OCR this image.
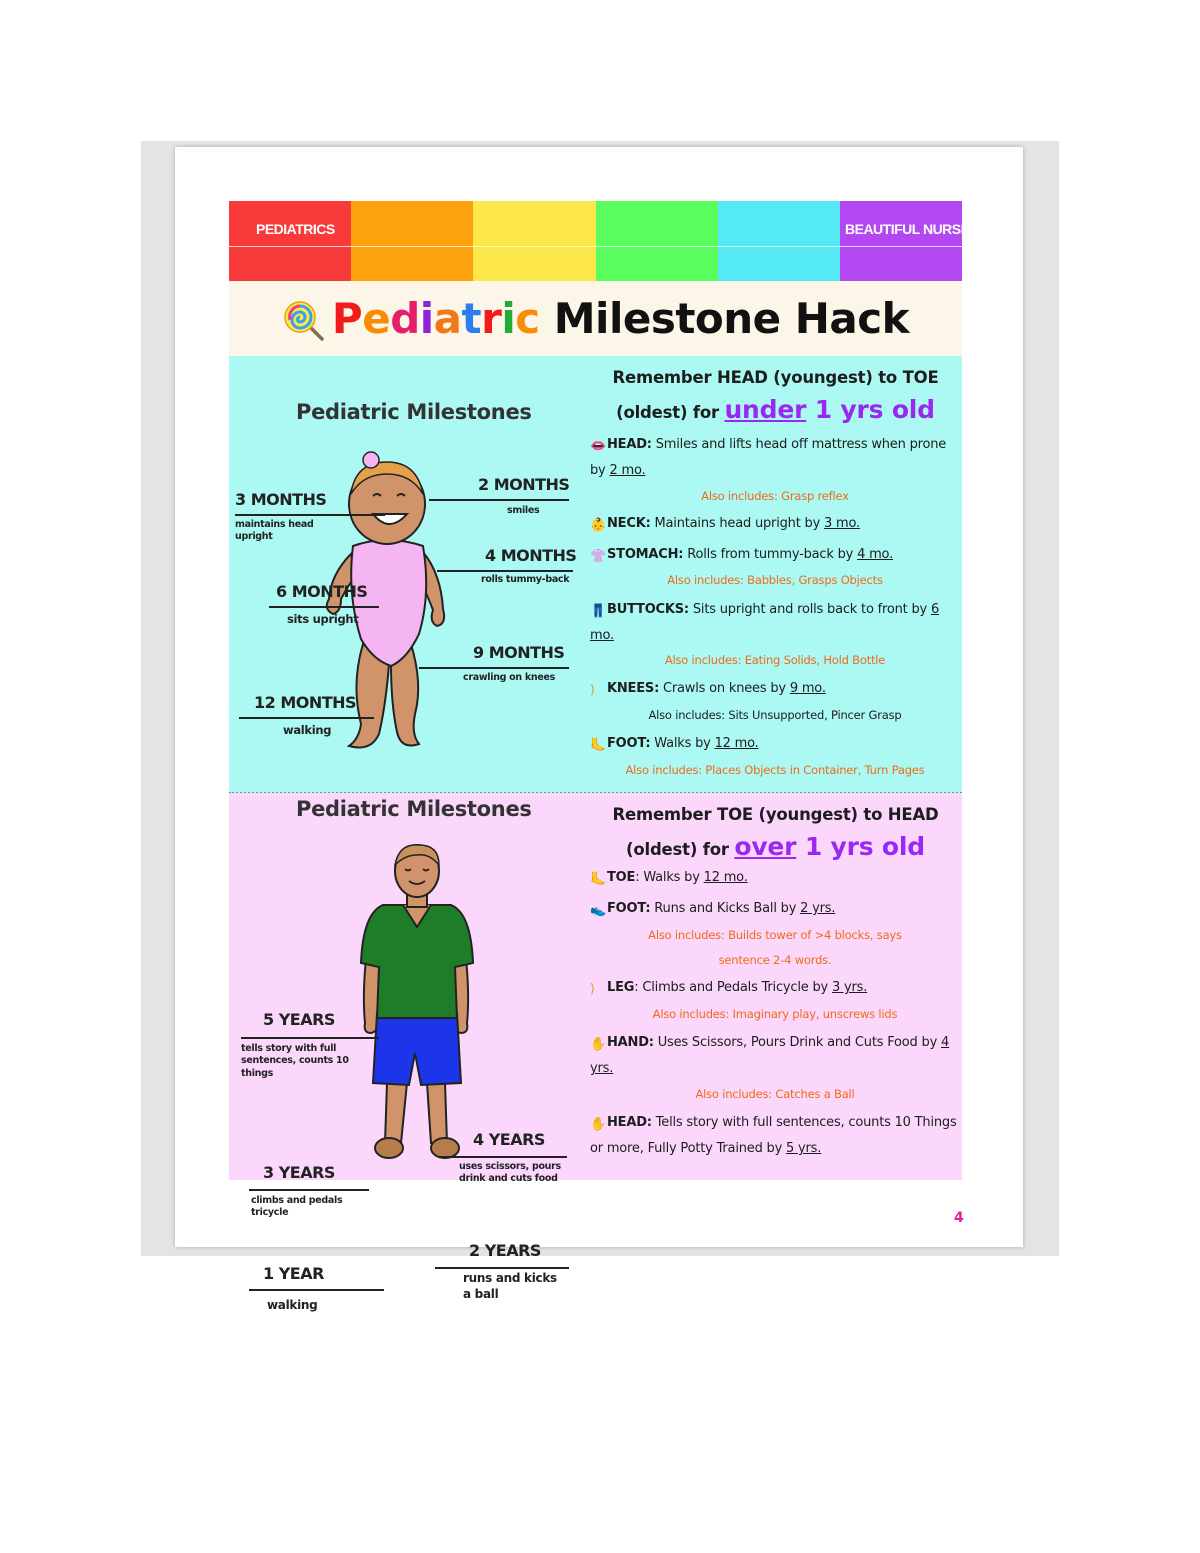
PEDIATRICS	BEAUTIFUL NURSING
Pediatric Milestone Hack
Pediatric Milestones
3 MONTHS
maintains head upright
2 MONTHS
smiles
4 MONTHS
rolls tummy-back
6 MONTHS
sits upright
9 MONTHS
crawling on knees
12 MONTHS
walking
Remember HEAD (youngest) to TOE
(oldest) for under 1 yrs old
👄HEAD: Smiles and lifts head off mattress when prone by 2 mo.
Also includes: Grasp reflex
👶NECK: Maintains head upright by 3 mo.
👚STOMACH: Rolls from tummy-back by 4 mo.
Also includes: Babbles, Grasps Objects
👖BUTTOCKS: Sits upright and rolls back to front by 6 mo.
Also includes: Eating Solids, Hold Bottle
⟩ KNEES: Crawls on knees by 9 mo.
Also includes: Sits Unsupported, Pincer Grasp
🦶FOOT: Walks by 12 mo.
Also includes: Places Objects in Container, Turn Pages
Pediatric Milestones
5 YEARS
tells story with full sentences, counts 10 things
4 YEARS
uses scissors, pours drink and cuts food
3 YEARS
climbs and pedals tricycle
2 YEARS
runs and kicks a ball
1 YEAR
walking
Remember TOE (youngest) to HEAD
(oldest) for over 1 yrs old
🦶TOE: Walks by 12 mo.
👟FOOT: Runs and Kicks Ball by 2 yrs.
Also includes: Builds tower of >4 blocks, says sentence 2-4 words.
⟩ LEG: Climbs and Pedals Tricycle by 3 yrs.
Also includes: Imaginary play, unscrews lids
✋HAND: Uses Scissors, Pours Drink and Cuts Food by 4 yrs.
Also includes: Catches a Ball
✋HEAD: Tells story with full sentences, counts 10 Things or more, Fully Potty Trained by 5 yrs.
4
